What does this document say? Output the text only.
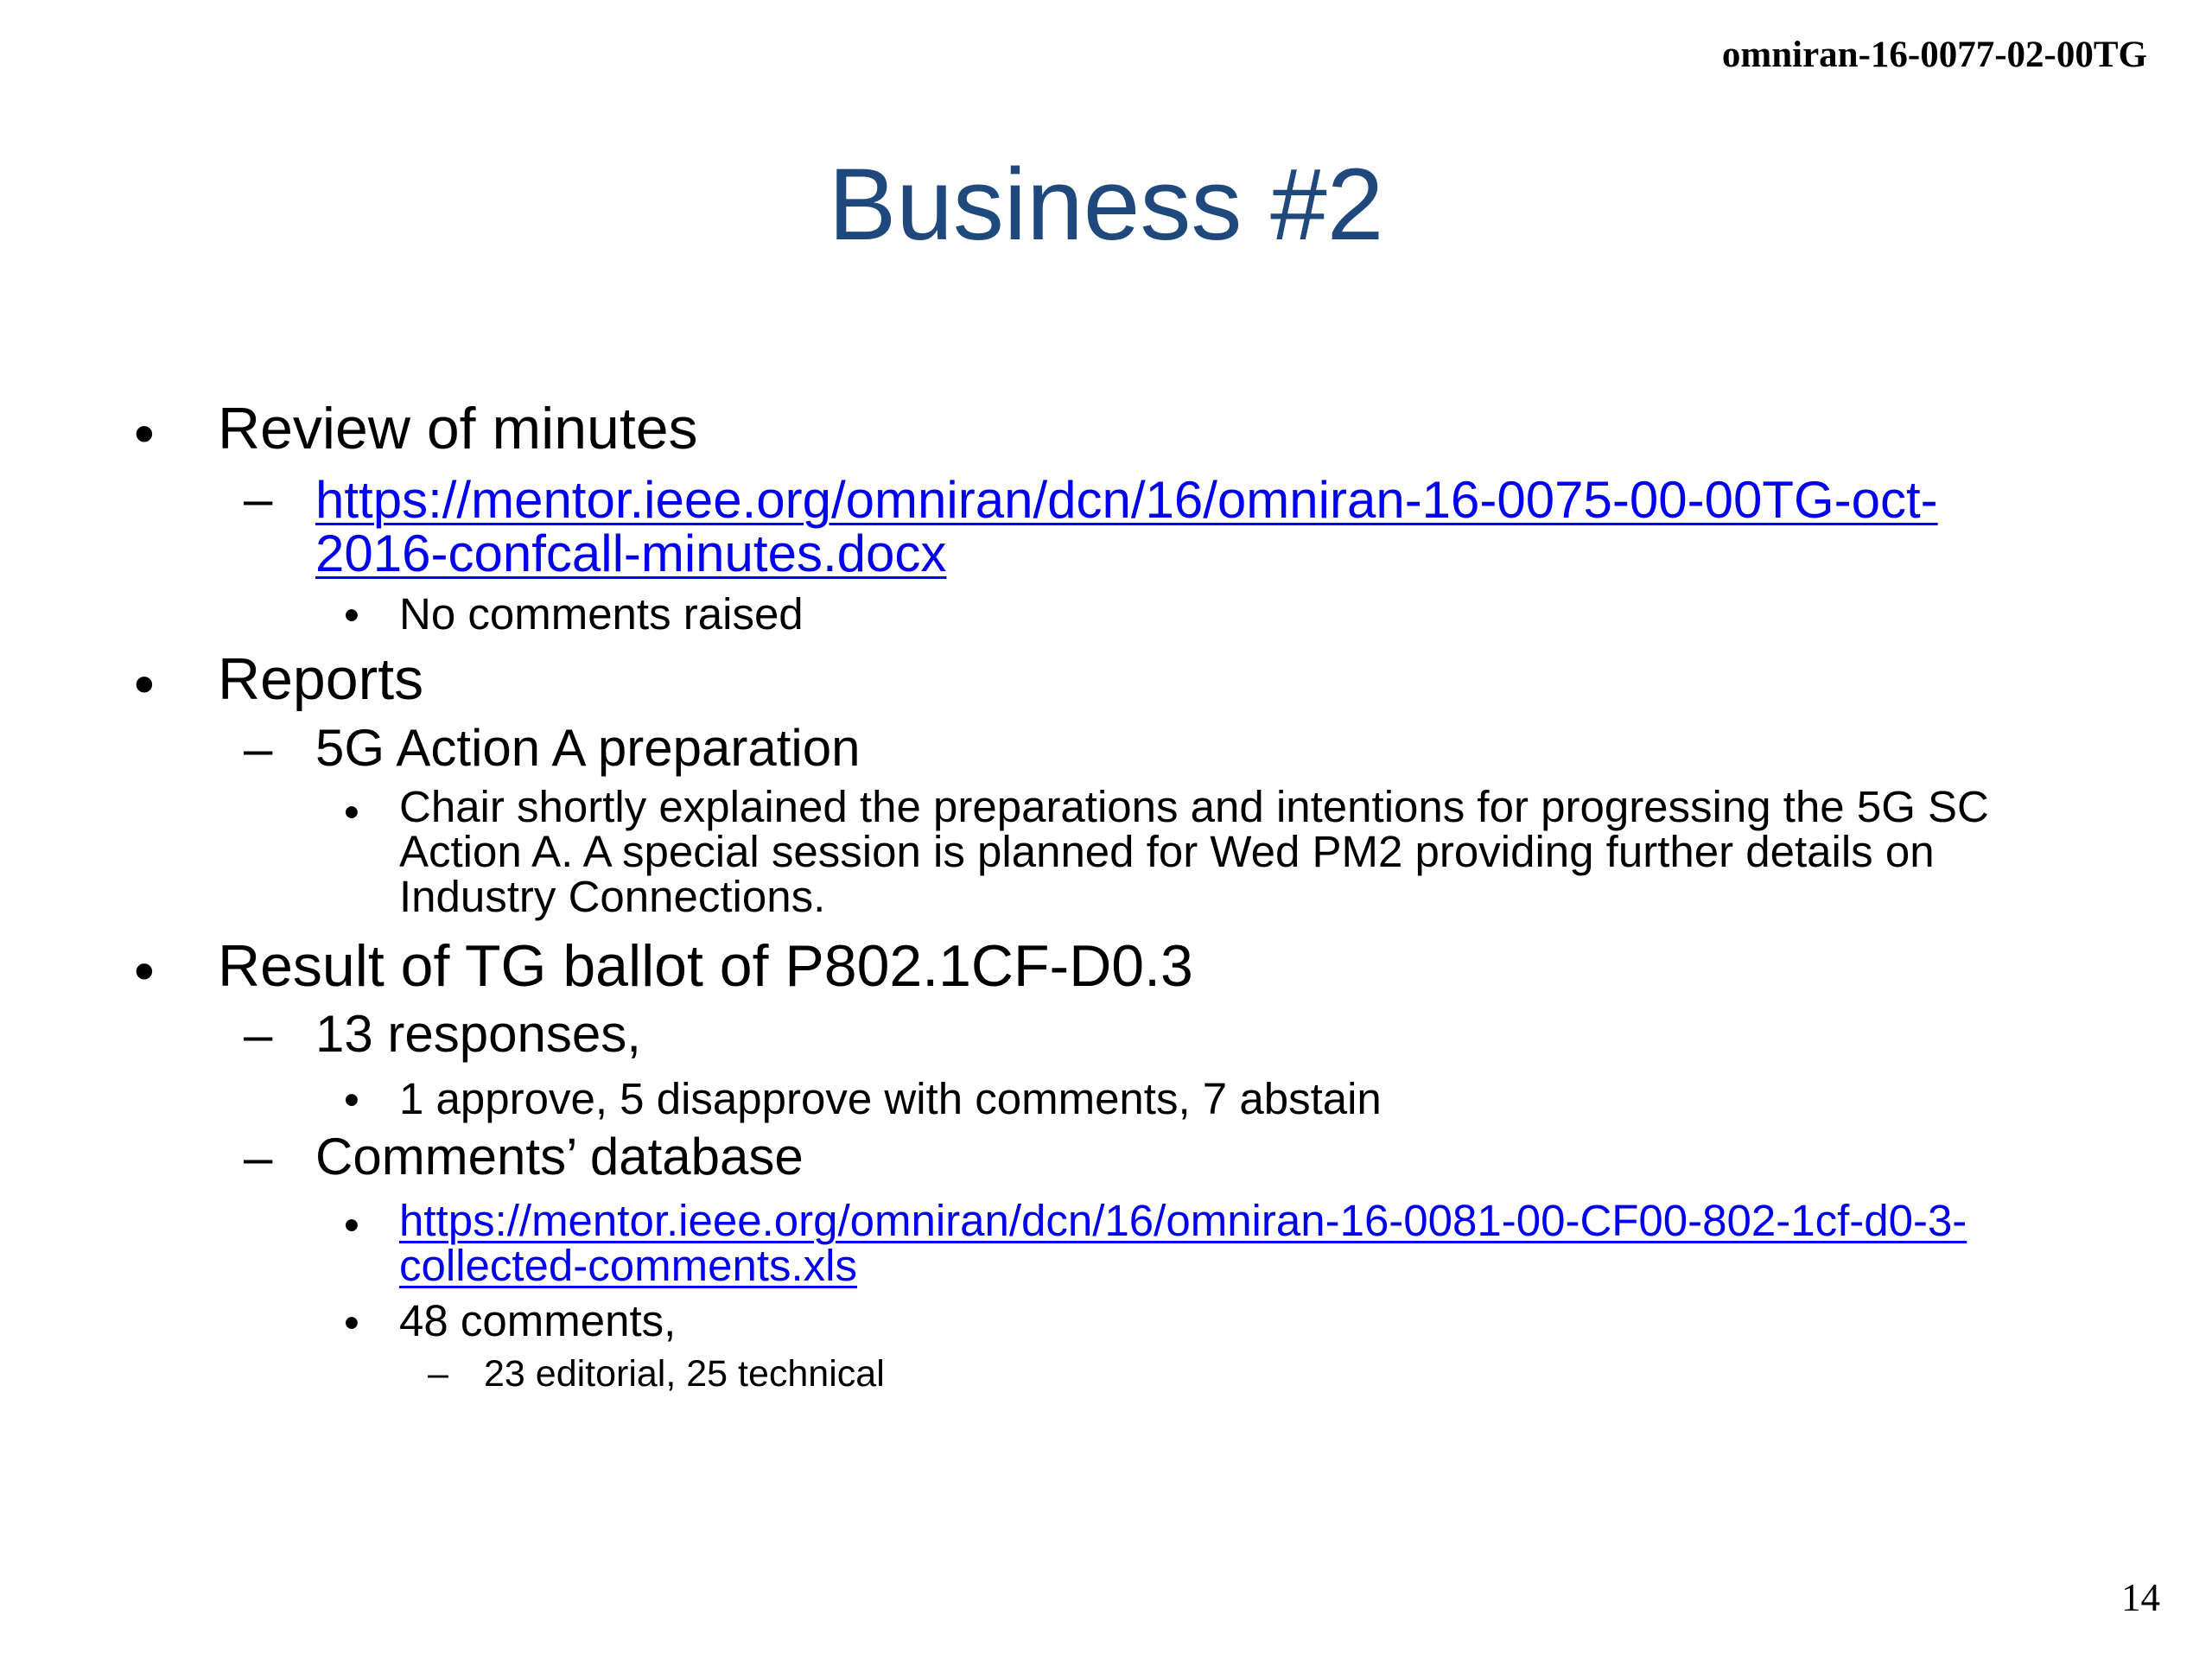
omniran-16-0077-02-00TG
Business #2
• Review of minutes
– https://mentor.ieee.org/omniran/dcn/16/omniran-16-0075-00-00TG-oct-
2016-confcall-minutes.docx
• No comments raised
• Reports
– 5G Action A preparation
• Chair shortly explained the preparations and intentions for progressing the 5G SC
Action A. A special session is planned for Wed PM2 providing further details on
Industry Connections.
• Result of TG ballot of P802.1CF-D0.3
– 13 responses,
• 1 approve, 5 disapprove with comments, 7 abstain
– Comments’ database
• https://mentor.ieee.org/omniran/dcn/16/omniran-16-0081-00-CF00-802-1cf-d0-3-
collected-comments.xls
• 48 comments,
– 23 editorial, 25 technical
14
